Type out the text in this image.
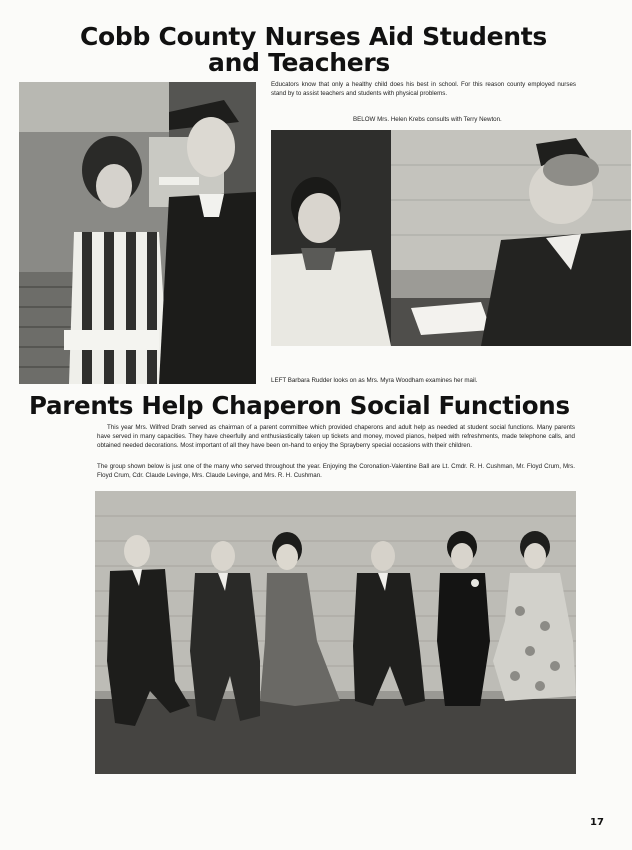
Cobb County Nurses Aid Students
and Teachers
Educators know that only a healthy child does his best in school. For this reason county employed nurses stand by to assist teachers and students with physical problems.
BELOW Mrs. Helen Krebs consults with Terry Newton.
LEFT Barbara Rudder looks on as Mrs. Myra Woodham examines her mail.
Parents Help Chaperon Social Functions
This year Mrs. Wilfred Drath served as chairman of a parent committee which provided chaperons and adult help as needed at student social functions. Many parents have served in many capacities. They have cheerfully and enthusiastically taken up tickets and money, moved pianos, helped with refreshments, made telephone calls, and obtained needed decorations. Most important of all they have been on-hand to enjoy the Sprayberry special occasions with their children.
The group shown below is just one of the many who served throughout the year. Enjoying the Coronation-Valentine Ball are Lt. Cmdr. R. H. Cushman, Mr. Floyd Crum, Mrs. Floyd Crum, Cdr. Claude Levinge, Mrs. Claude Levinge, and Mrs. R. H. Cushman.
17
